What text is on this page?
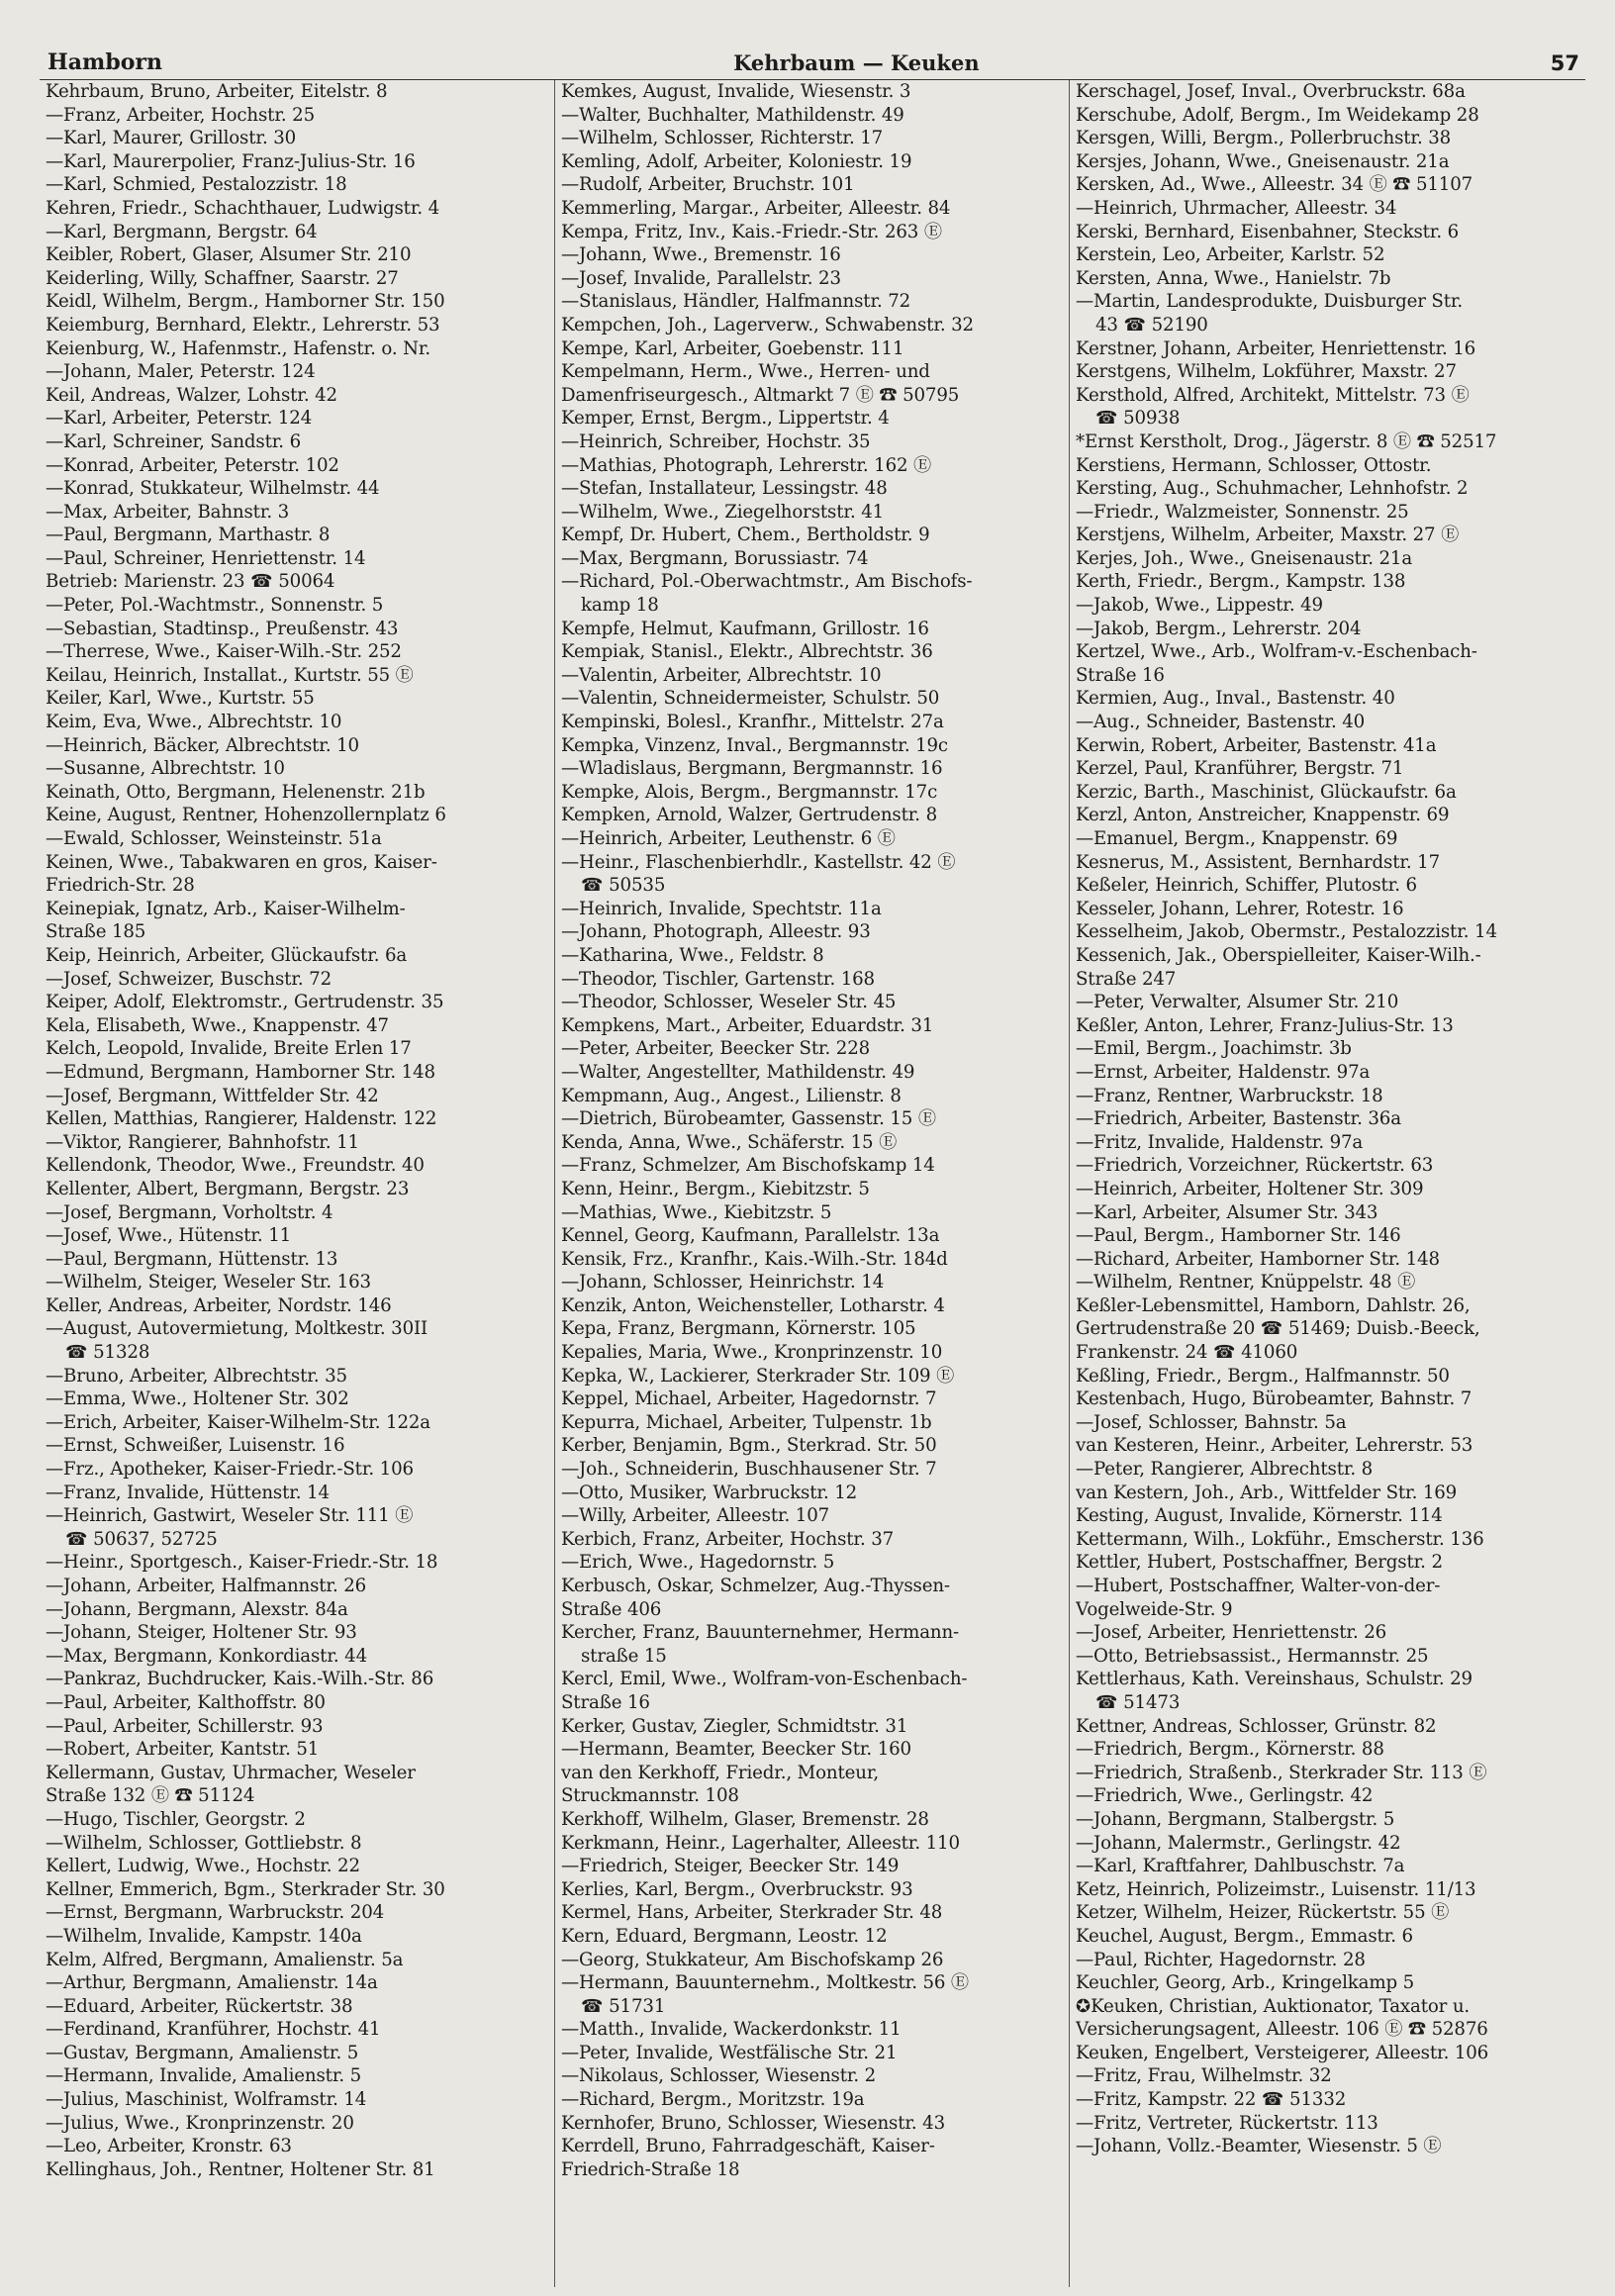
Hamborn	Kehrbaum — Keuken	57
Kehrbaum, Bruno, Arbeiter, Eitelstr. 8
—Franz, Arbeiter, Hochstr. 25
—Karl, Maurer, Grillostr. 30
—Karl, Maurerpolier, Franz-Julius-Str. 16
—Karl, Schmied, Pestalozzistr. 18
Kehren, Friedr., Schachthauer, Ludwigstr. 4
—Karl, Bergmann, Bergstr. 64
Keibler, Robert, Glaser, Alsumer Str. 210
Keiderling, Willy, Schaffner, Saarstr. 27
Keidl, Wilhelm, Bergm., Hamborner Str. 150
Keiemburg, Bernhard, Elektr., Lehrerstr. 53
Keienburg, W., Hafenmstr., Hafenstr. o. Nr.
—Johann, Maler, Peterstr. 124
Keil, Andreas, Walzer, Lohstr. 42
—Karl, Arbeiter, Peterstr. 124
—Karl, Schreiner, Sandstr. 6
—Konrad, Arbeiter, Peterstr. 102
—Konrad, Stukkateur, Wilhelmstr. 44
—Max, Arbeiter, Bahnstr. 3
—Paul, Bergmann, Marthastr. 8
—Paul, Schreiner, Henriettenstr. 14
Betrieb: Marienstr. 23 ☎ 50064
—Peter, Pol.-Wachtmstr., Sonnenstr. 5
—Sebastian, Stadtinsp., Preußenstr. 43
—Therrese, Wwe., Kaiser-Wilh.-Str. 252
Keilau, Heinrich, Installat., Kurtstr. 55 Ⓔ
Keiler, Karl, Wwe., Kurtstr. 55
Keim, Eva, Wwe., Albrechtstr. 10
—Heinrich, Bäcker, Albrechtstr. 10
—Susanne, Albrechtstr. 10
Keinath, Otto, Bergmann, Helenenstr. 21b
Keine, August, Rentner, Hohenzollernplatz 6
—Ewald, Schlosser, Weinsteinstr. 51a
Keinen, Wwe., Tabakwaren en gros, Kaiser-
Friedrich-Str. 28
Keinepiak, Ignatz, Arb., Kaiser-Wilhelm-
Straße 185
Keip, Heinrich, Arbeiter, Glückaufstr. 6a
—Josef, Schweizer, Buschstr. 72
Keiper, Adolf, Elektromstr., Gertrudenstr. 35
Kela, Elisabeth, Wwe., Knappenstr. 47
Kelch, Leopold, Invalide, Breite Erlen 17
—Edmund, Bergmann, Hamborner Str. 148
—Josef, Bergmann, Wittfelder Str. 42
Kellen, Matthias, Rangierer, Haldenstr. 122
—Viktor, Rangierer, Bahnhofstr. 11
Kellendonk, Theodor, Wwe., Freundstr. 40
Kellenter, Albert, Bergmann, Bergstr. 23
—Josef, Bergmann, Vorholtstr. 4
—Josef, Wwe., Hütenstr. 11
—Paul, Bergmann, Hüttenstr. 13
—Wilhelm, Steiger, Weseler Str. 163
Keller, Andreas, Arbeiter, Nordstr. 146
—August, Autovermietung, Moltkestr. 30II
☎ 51328
—Bruno, Arbeiter, Albrechtstr. 35
—Emma, Wwe., Holtener Str. 302
—Erich, Arbeiter, Kaiser-Wilhelm-Str. 122a
—Ernst, Schweißer, Luisenstr. 16
—Frz., Apotheker, Kaiser-Friedr.-Str. 106
—Franz, Invalide, Hüttenstr. 14
—Heinrich, Gastwirt, Weseler Str. 111 Ⓔ
☎ 50637, 52725
—Heinr., Sportgesch., Kaiser-Friedr.-Str. 18
—Johann, Arbeiter, Halfmannstr. 26
—Johann, Bergmann, Alexstr. 84a
—Johann, Steiger, Holtener Str. 93
—Max, Bergmann, Konkordiastr. 44
—Pankraz, Buchdrucker, Kais.-Wilh.-Str. 86
—Paul, Arbeiter, Kalthoffstr. 80
—Paul, Arbeiter, Schillerstr. 93
—Robert, Arbeiter, Kantstr. 51
Kellermann, Gustav, Uhrmacher, Weseler
Straße 132 Ⓔ ☎ 51124
—Hugo, Tischler, Georgstr. 2
—Wilhelm, Schlosser, Gottliebstr. 8
Kellert, Ludwig, Wwe., Hochstr. 22
Kellner, Emmerich, Bgm., Sterkrader Str. 30
—Ernst, Bergmann, Warbruckstr. 204
—Wilhelm, Invalide, Kampstr. 140a
Kelm, Alfred, Bergmann, Amalienstr. 5a
—Arthur, Bergmann, Amalienstr. 14a
—Eduard, Arbeiter, Rückertstr. 38
—Ferdinand, Kranführer, Hochstr. 41
—Gustav, Bergmann, Amalienstr. 5
—Hermann, Invalide, Amalienstr. 5
—Julius, Maschinist, Wolframstr. 14
—Julius, Wwe., Kronprinzenstr. 20
—Leo, Arbeiter, Kronstr. 63
Kellinghaus, Joh., Rentner, Holtener Str. 81
Kemkes, August, Invalide, Wiesenstr. 3
—Walter, Buchhalter, Mathildenstr. 49
—Wilhelm, Schlosser, Richterstr. 17
Kemling, Adolf, Arbeiter, Koloniestr. 19
—Rudolf, Arbeiter, Bruchstr. 101
Kemmerling, Margar., Arbeiter, Alleestr. 84
Kempa, Fritz, Inv., Kais.-Friedr.-Str. 263 Ⓔ
—Johann, Wwe., Bremenstr. 16
—Josef, Invalide, Parallelstr. 23
—Stanislaus, Händler, Halfmannstr. 72
Kempchen, Joh., Lagerverw., Schwabenstr. 32
Kempe, Karl, Arbeiter, Goebenstr. 111
Kempelmann, Herm., Wwe., Herren- und
Damenfriseurgesch., Altmarkt 7 Ⓔ ☎ 50795
Kemper, Ernst, Bergm., Lippertstr. 4
—Heinrich, Schreiber, Hochstr. 35
—Mathias, Photograph, Lehrerstr. 162 Ⓔ
—Stefan, Installateur, Lessingstr. 48
—Wilhelm, Wwe., Ziegelhorststr. 41
Kempf, Dr. Hubert, Chem., Bertholdstr. 9
—Max, Bergmann, Borussiastr. 74
—Richard, Pol.-Oberwachtmstr., Am Bischofs-
kamp 18
Kempfe, Helmut, Kaufmann, Grillostr. 16
Kempiak, Stanisl., Elektr., Albrechtstr. 36
—Valentin, Arbeiter, Albrechtstr. 10
—Valentin, Schneidermeister, Schulstr. 50
Kempinski, Bolesl., Kranfhr., Mittelstr. 27a
Kempka, Vinzenz, Inval., Bergmannstr. 19c
—Wladislaus, Bergmann, Bergmannstr. 16
Kempke, Alois, Bergm., Bergmannstr. 17c
Kempken, Arnold, Walzer, Gertrudenstr. 8
—Heinrich, Arbeiter, Leuthenstr. 6 Ⓔ
—Heinr., Flaschenbierhdlr., Kastellstr. 42 Ⓔ
☎ 50535
—Heinrich, Invalide, Spechtstr. 11a
—Johann, Photograph, Alleestr. 93
—Katharina, Wwe., Feldstr. 8
—Theodor, Tischler, Gartenstr. 168
—Theodor, Schlosser, Weseler Str. 45
Kempkens, Mart., Arbeiter, Eduardstr. 31
—Peter, Arbeiter, Beecker Str. 228
—Walter, Angestellter, Mathildenstr. 49
Kempmann, Aug., Angest., Lilienstr. 8
—Dietrich, Bürobeamter, Gassenstr. 15 Ⓔ
Kenda, Anna, Wwe., Schäferstr. 15 Ⓔ
—Franz, Schmelzer, Am Bischofskamp 14
Kenn, Heinr., Bergm., Kiebitzstr. 5
—Mathias, Wwe., Kiebitzstr. 5
Kennel, Georg, Kaufmann, Parallelstr. 13a
Kensik, Frz., Kranfhr., Kais.-Wilh.-Str. 184d
—Johann, Schlosser, Heinrichstr. 14
Kenzik, Anton, Weichensteller, Lotharstr. 4
Kepa, Franz, Bergmann, Körnerstr. 105
Kepalies, Maria, Wwe., Kronprinzenstr. 10
Kepka, W., Lackierer, Sterkrader Str. 109 Ⓔ
Keppel, Michael, Arbeiter, Hagedornstr. 7
Kepurra, Michael, Arbeiter, Tulpenstr. 1b
Kerber, Benjamin, Bgm., Sterkrad. Str. 50
—Joh., Schneiderin, Buschhausener Str. 7
—Otto, Musiker, Warbruckstr. 12
—Willy, Arbeiter, Alleestr. 107
Kerbich, Franz, Arbeiter, Hochstr. 37
—Erich, Wwe., Hagedornstr. 5
Kerbusch, Oskar, Schmelzer, Aug.-Thyssen-
Straße 406
Kercher, Franz, Bauunternehmer, Hermann-
straße 15
Kercl, Emil, Wwe., Wolfram-von-Eschenbach-
Straße 16
Kerker, Gustav, Ziegler, Schmidtstr. 31
—Hermann, Beamter, Beecker Str. 160
van den Kerkhoff, Friedr., Monteur,
Struckmannstr. 108
Kerkhoff, Wilhelm, Glaser, Bremenstr. 28
Kerkmann, Heinr., Lagerhalter, Alleestr. 110
—Friedrich, Steiger, Beecker Str. 149
Kerlies, Karl, Bergm., Overbruckstr. 93
Kermel, Hans, Arbeiter, Sterkrader Str. 48
Kern, Eduard, Bergmann, Leostr. 12
—Georg, Stukkateur, Am Bischofskamp 26
—Hermann, Bauunternehm., Moltkestr. 56 Ⓔ
☎ 51731
—Matth., Invalide, Wackerdonkstr. 11
—Peter, Invalide, Westfälische Str. 21
—Nikolaus, Schlosser, Wiesenstr. 2
—Richard, Bergm., Moritzstr. 19a
Kernhofer, Bruno, Schlosser, Wiesenstr. 43
Kerrdell, Bruno, Fahrradgeschäft, Kaiser-
Friedrich-Straße 18
Kerschagel, Josef, Inval., Overbruckstr. 68a
Kerschube, Adolf, Bergm., Im Weidekamp 28
Kersgen, Willi, Bergm., Pollerbruchstr. 38
Kersjes, Johann, Wwe., Gneisenaustr. 21a
Kersken, Ad., Wwe., Alleestr. 34 Ⓔ ☎ 51107
—Heinrich, Uhrmacher, Alleestr. 34
Kerski, Bernhard, Eisenbahner, Steckstr. 6
Kerstein, Leo, Arbeiter, Karlstr. 52
Kersten, Anna, Wwe., Hanielstr. 7b
—Martin, Landesprodukte, Duisburger Str.
43 ☎ 52190
Kerstner, Johann, Arbeiter, Henriettenstr. 16
Kerstgens, Wilhelm, Lokführer, Maxstr. 27
Kersthold, Alfred, Architekt, Mittelstr. 73 Ⓔ
☎ 50938
*Ernst Kerstholt, Drog., Jägerstr. 8 Ⓔ ☎ 52517
Kerstiens, Hermann, Schlosser, Ottostr.
Kersting, Aug., Schuhmacher, Lehnhofstr. 2
—Friedr., Walzmeister, Sonnenstr. 25
Kerstjens, Wilhelm, Arbeiter, Maxstr. 27 Ⓔ
Kerjes, Joh., Wwe., Gneisenaustr. 21a
Kerth, Friedr., Bergm., Kampstr. 138
—Jakob, Wwe., Lippestr. 49
—Jakob, Bergm., Lehrerstr. 204
Kertzel, Wwe., Arb., Wolfram-v.-Eschenbach-
Straße 16
Kermien, Aug., Inval., Bastenstr. 40
—Aug., Schneider, Bastenstr. 40
Kerwin, Robert, Arbeiter, Bastenstr. 41a
Kerzel, Paul, Kranführer, Bergstr. 71
Kerzic, Barth., Maschinist, Glückaufstr. 6a
Kerzl, Anton, Anstreicher, Knappenstr. 69
—Emanuel, Bergm., Knappenstr. 69
Kesnerus, M., Assistent, Bernhardstr. 17
Keßeler, Heinrich, Schiffer, Plutostr. 6
Kesseler, Johann, Lehrer, Rotestr. 16
Kesselheim, Jakob, Obermstr., Pestalozzistr. 14
Kessenich, Jak., Oberspielleiter, Kaiser-Wilh.-
Straße 247
—Peter, Verwalter, Alsumer Str. 210
Keßler, Anton, Lehrer, Franz-Julius-Str. 13
—Emil, Bergm., Joachimstr. 3b
—Ernst, Arbeiter, Haldenstr. 97a
—Franz, Rentner, Warbruckstr. 18
—Friedrich, Arbeiter, Bastenstr. 36a
—Fritz, Invalide, Haldenstr. 97a
—Friedrich, Vorzeichner, Rückertstr. 63
—Heinrich, Arbeiter, Holtener Str. 309
—Karl, Arbeiter, Alsumer Str. 343
—Paul, Bergm., Hamborner Str. 146
—Richard, Arbeiter, Hamborner Str. 148
—Wilhelm, Rentner, Knüppelstr. 48 Ⓔ
Keßler-Lebensmittel, Hamborn, Dahlstr. 26,
Gertrudenstraße 20 ☎ 51469; Duisb.-Beeck,
Frankenstr. 24 ☎ 41060
Keßling, Friedr., Bergm., Halfmannstr. 50
Kestenbach, Hugo, Bürobeamter, Bahnstr. 7
—Josef, Schlosser, Bahnstr. 5a
van Kesteren, Heinr., Arbeiter, Lehrerstr. 53
—Peter, Rangierer, Albrechtstr. 8
van Kestern, Joh., Arb., Wittfelder Str. 169
Kesting, August, Invalide, Körnerstr. 114
Kettermann, Wilh., Lokführ., Emscherstr. 136
Kettler, Hubert, Postschaffner, Bergstr. 2
—Hubert, Postschaffner, Walter-von-der-
Vogelweide-Str. 9
—Josef, Arbeiter, Henriettenstr. 26
—Otto, Betriebsassist., Hermannstr. 25
Kettlerhaus, Kath. Vereinshaus, Schulstr. 29
☎ 51473
Kettner, Andreas, Schlosser, Grünstr. 82
—Friedrich, Bergm., Körnerstr. 88
—Friedrich, Straßenb., Sterkrader Str. 113 Ⓔ
—Friedrich, Wwe., Gerlingstr. 42
—Johann, Bergmann, Stalbergstr. 5
—Johann, Malermstr., Gerlingstr. 42
—Karl, Kraftfahrer, Dahlbuschstr. 7a
Ketz, Heinrich, Polizeimstr., Luisenstr. 11/13
Ketzer, Wilhelm, Heizer, Rückertstr. 55 Ⓔ
Keuchel, August, Bergm., Emmastr. 6
—Paul, Richter, Hagedornstr. 28
Keuchler, Georg, Arb., Kringelkamp 5
✪Keuken, Christian, Auktionator, Taxator u.
Versicherungsagent, Alleestr. 106 Ⓔ ☎ 52876
Keuken, Engelbert, Versteigerer, Alleestr. 106
—Fritz, Frau, Wilhelmstr. 32
—Fritz, Kampstr. 22 ☎ 51332
—Fritz, Vertreter, Rückertstr. 113
—Johann, Vollz.-Beamter, Wiesenstr. 5 Ⓔ
